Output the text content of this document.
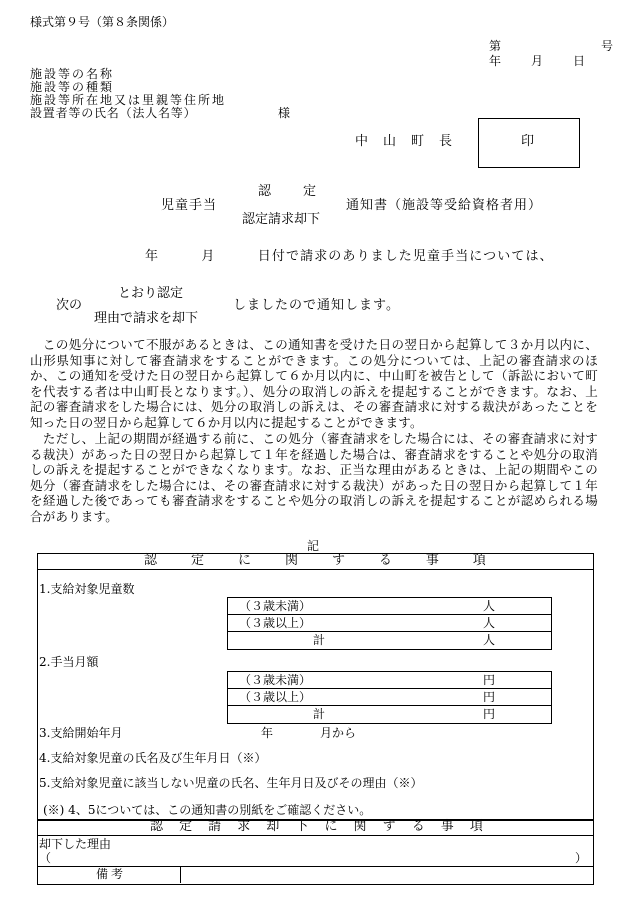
様式第９号（第８条関係）
第　　　　　　　号
年　　月　　日
施設等の名称
施設等の種類
施設等所在地又は里親等住所地
設置者等の氏名（法人名等）	様
中　山　町　長	印
認　　定
児童手当	通知書（施設等受給資格者用）
認定請求却下
年　　　月　　　日付で請求のありました児童手当については、
とおり認定
次の	しましたので通知します。
理由で請求を却下
　この処分について不服があるときは、この通知書を受けた日の翌日から起算して３か月以内に、山形県知事に対して審査請求をすることができます。この処分については、上記の審査請求のほか、この通知を受けた日の翌日から起算して６か月以内に、中山町を被告として（訴訟において町を代表する者は中山町長となります。）、処分の取消しの訴えを提起することができます。なお、上記の審査請求をした場合には、処分の取消しの訴えは、その審査請求に対する裁決があったことを知った日の翌日から起算して６か月以内に提起することができます。
　ただし、上記の期間が経過する前に、この処分（審査請求をした場合には、その審査請求に対する裁決）があった日の翌日から起算して１年を経過した場合は、審査請求をすることや処分の取消しの訴えを提起することができなくなります。なお、正当な理由があるときは、上記の期間やこの処分（審査請求をした場合には、その審査請求に対する裁決）があった日の翌日から起算して１年を経過した後であっても審査請求をすることや処分の取消しの訴えを提起することが認められる場合があります。
記
認	定	に	関	す	る	事	項
1.支給対象児童数
（３歳未満）	人
（３歳以上）	人
計	人
2.手当月額
（３歳未満）	円
（３歳以上）	円
計	円
3.支給開始年月	年	月から
4.支給対象児童の氏名及び生年月日（※）
5.支給対象児童に該当しない児童の氏名、生年月日及びその理由（※）
(※) 4、5については、この通知書の別紙をご確認ください。
認 定 請 求 却 下 に 関 す る 事 項
却下した理由
（	）
備考
